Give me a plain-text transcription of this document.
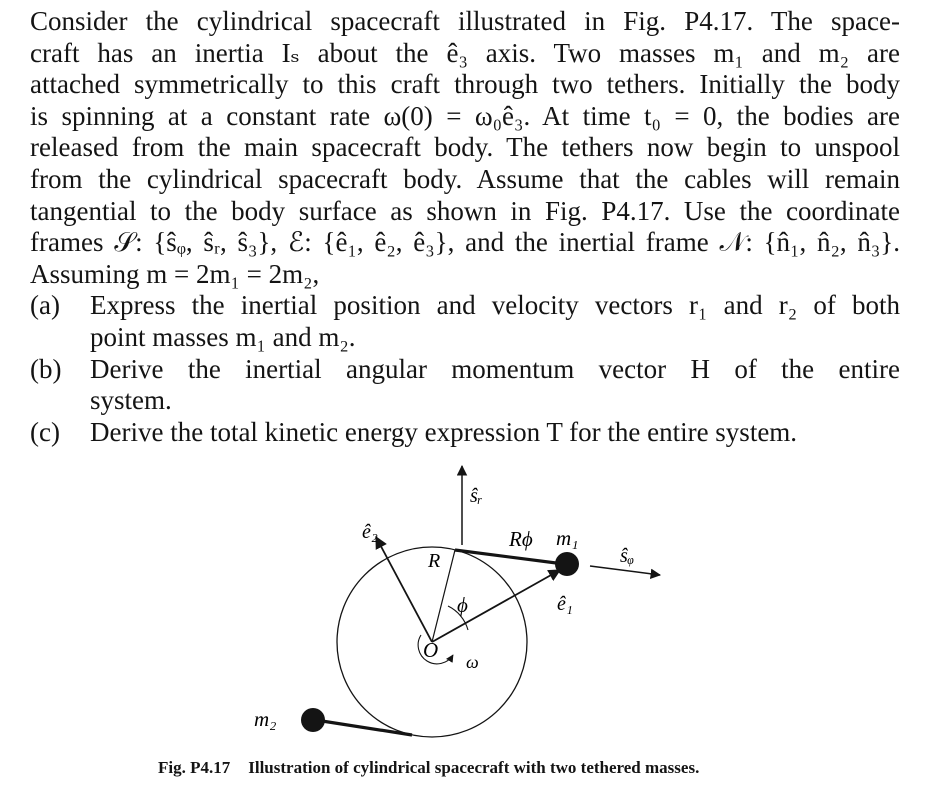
Consider the cylindrical spacecraft illustrated in Fig. P4.17. The space-
craft has an inertia Iₛ about the ê₃ axis. Two masses m₁ and m₂ are
attached symmetrically to this craft through two tethers. Initially the body
is spinning at a constant rate ω(0) = ω₀ê₃. At time t₀ = 0, the bodies are
released from the main spacecraft body. The tethers now begin to unspool
from the cylindrical spacecraft body. Assume that the cables will remain
tangential to the body surface as shown in Fig. P4.17. Use the coordinate
frames 𝒮: {ŝᵩ, ŝᵣ, ŝ₃}, ℰ: {ê₁, ê₂, ê₃}, and the inertial frame 𝒩: {n̂₁, n̂₂, n̂₃}.
Assuming m = 2m₁ = 2m₂,
(a)	Express the inertial position and velocity vectors r₁ and r₂ of both
point masses m₁ and m₂.
(b)	Derive the inertial angular momentum vector H of the entire
system.
(c)	Derive the total kinetic energy expression T for the entire system.
ŝᵣ
ê₂
R
Rϕ m₁
ŝᵩ
ϕ	ê₁
O ω
m₂
Fig. P4.17 Illustration of cylindrical spacecraft with two tethered masses.
